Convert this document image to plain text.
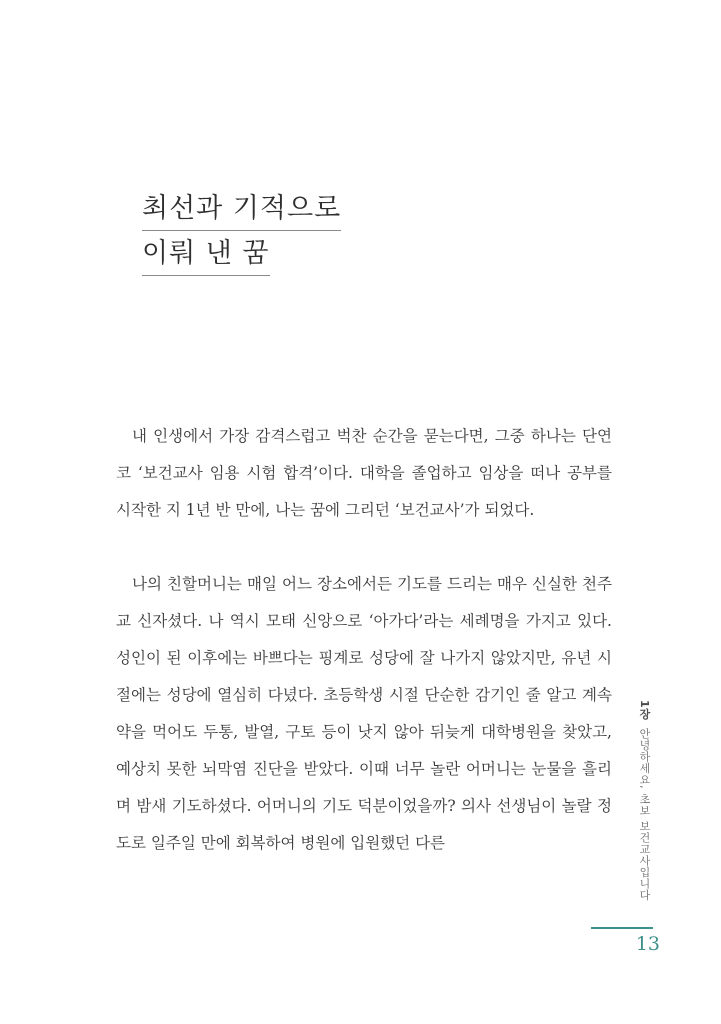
최선과 기적으로 이뤄 낸 꿈

내 인생에서 가장 감격스럽고 벅찬 순간을 묻는다면, 그중 하나는 단연코 ‘보건교사 임용 시험 합격’이다. 대학을 졸업하고 임상을 떠나 공부를 시작한 지 1년 반 만에, 나는 꿈에 그리던 ‘보건교사’가 되었다.

나의 친할머니는 매일 어느 장소에서든 기도를 드리는 매우 신실한 천주교 신자셨다. 나 역시 모태 신앙으로 ‘아가다’라는 세례명을 가지고 있다. 성인이 된 이후에는 바쁘다는 핑계로 성당에 잘 나가지 않았지만, 유년 시절에는 성당에 열심히 다녔다. 초등학생 시절 단순한 감기인 줄 알고 계속 약을 먹어도 두통, 발열, 구토 등이 낫지 않아 뒤늦게 대학병원을 찾았고, 예상치 못한 뇌막염 진단을 받았다. 이때 너무 놀란 어머니는 눈물을 흘리며 밤새 기도하셨다. 어머니의 기도 덕분이었을까? 의사 선생님이 놀랄 정도로 일주일 만에 회복하여 병원에 입원했던 다른

1장 안녕하세요, 초보 보건교사입니다
13
